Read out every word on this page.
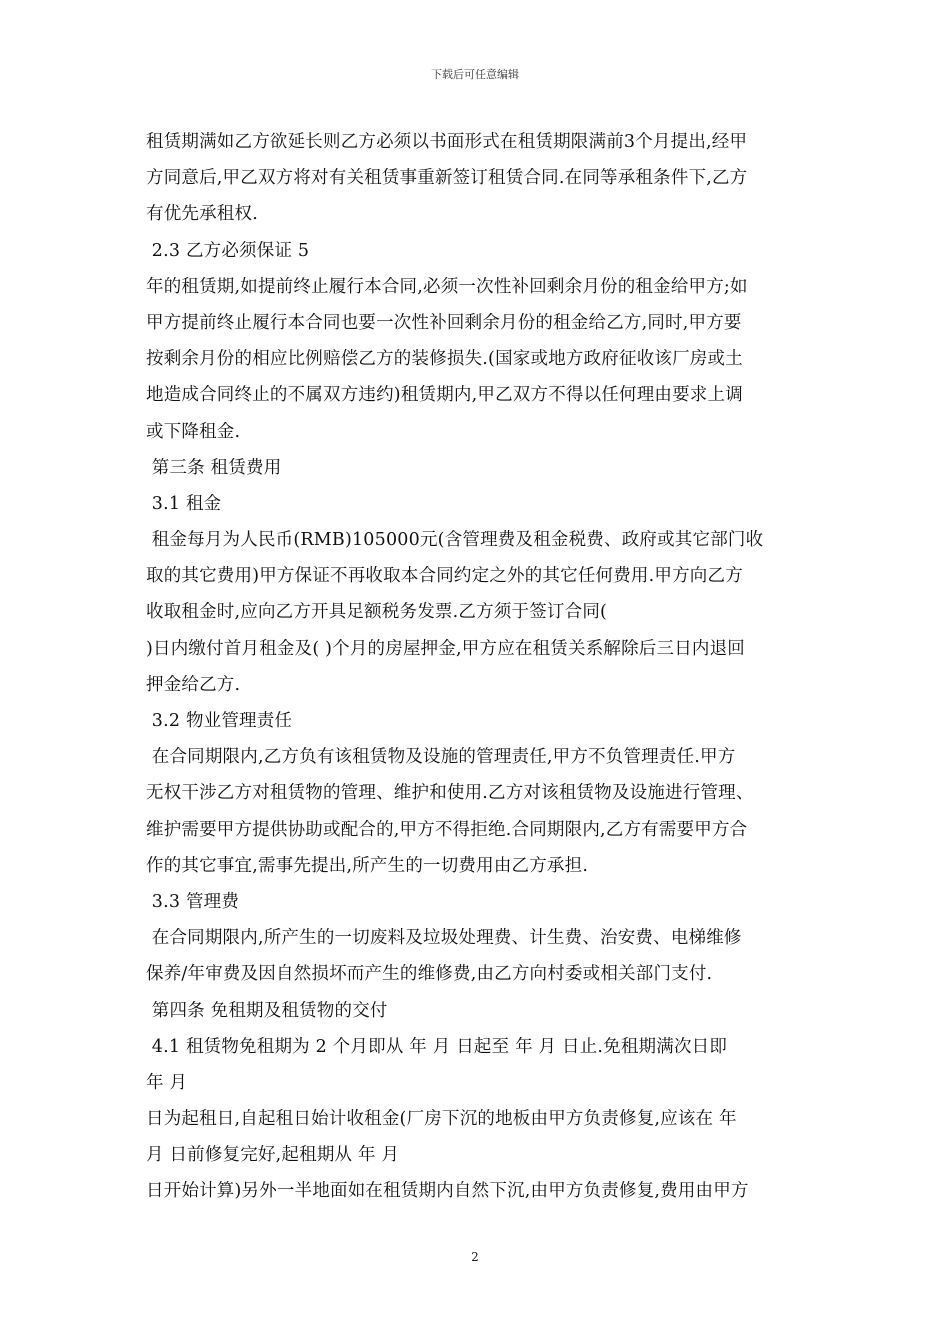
下载后可任意编辑
租赁期满如乙方欲延长则乙方必须以书面形式在租赁期限满前3个月提出,经甲
方同意后,甲乙双方将对有关租赁事重新签订租赁合同.在同等承租条件下,乙方
有优先承租权.
2.3 乙方必须保证 5
年的租赁期,如提前终止履行本合同,必须一次性补回剩余月份的租金给甲方;如
甲方提前终止履行本合同也要一次性补回剩余月份的租金给乙方,同时,甲方要
按剩余月份的相应比例赔偿乙方的装修损失.(国家或地方政府征收该厂房或土
地造成合同终止的不属双方违约)租赁期内,甲乙双方不得以任何理由要求上调
或下降租金.
第三条 租赁费用
3.1 租金
租金每月为人民币(RMB)105000元(含管理费及租金税费、政府或其它部门收
取的其它费用)甲方保证不再收取本合同约定之外的其它任何费用.甲方向乙方
收取租金时,应向乙方开具足额税务发票.乙方须于签订合同(
)日内缴付首月租金及( )个月的房屋押金,甲方应在租赁关系解除后三日内退回
押金给乙方.
3.2 物业管理责任
在合同期限内,乙方负有该租赁物及设施的管理责任,甲方不负管理责任.甲方
无权干涉乙方对租赁物的管理、维护和使用.乙方对该租赁物及设施进行管理、
维护需要甲方提供协助或配合的,甲方不得拒绝.合同期限内,乙方有需要甲方合
作的其它事宜,需事先提出,所产生的一切费用由乙方承担.
3.3 管理费
在合同期限内,所产生的一切废料及垃圾处理费、计生费、治安费、电梯维修
保养/年审费及因自然损坏而产生的维修费,由乙方向村委或相关部门支付.
第四条 免租期及租赁物的交付
4.1 租赁物免租期为 2 个月即从 年 月 日起至 年 月 日止.免租期满次日即
年 月
日为起租日,自起租日始计收租金(厂房下沉的地板由甲方负责修复,应该在 年
月 日前修复完好,起租期从 年 月
日开始计算)另外一半地面如在租赁期内自然下沉,由甲方负责修复,费用由甲方
2
